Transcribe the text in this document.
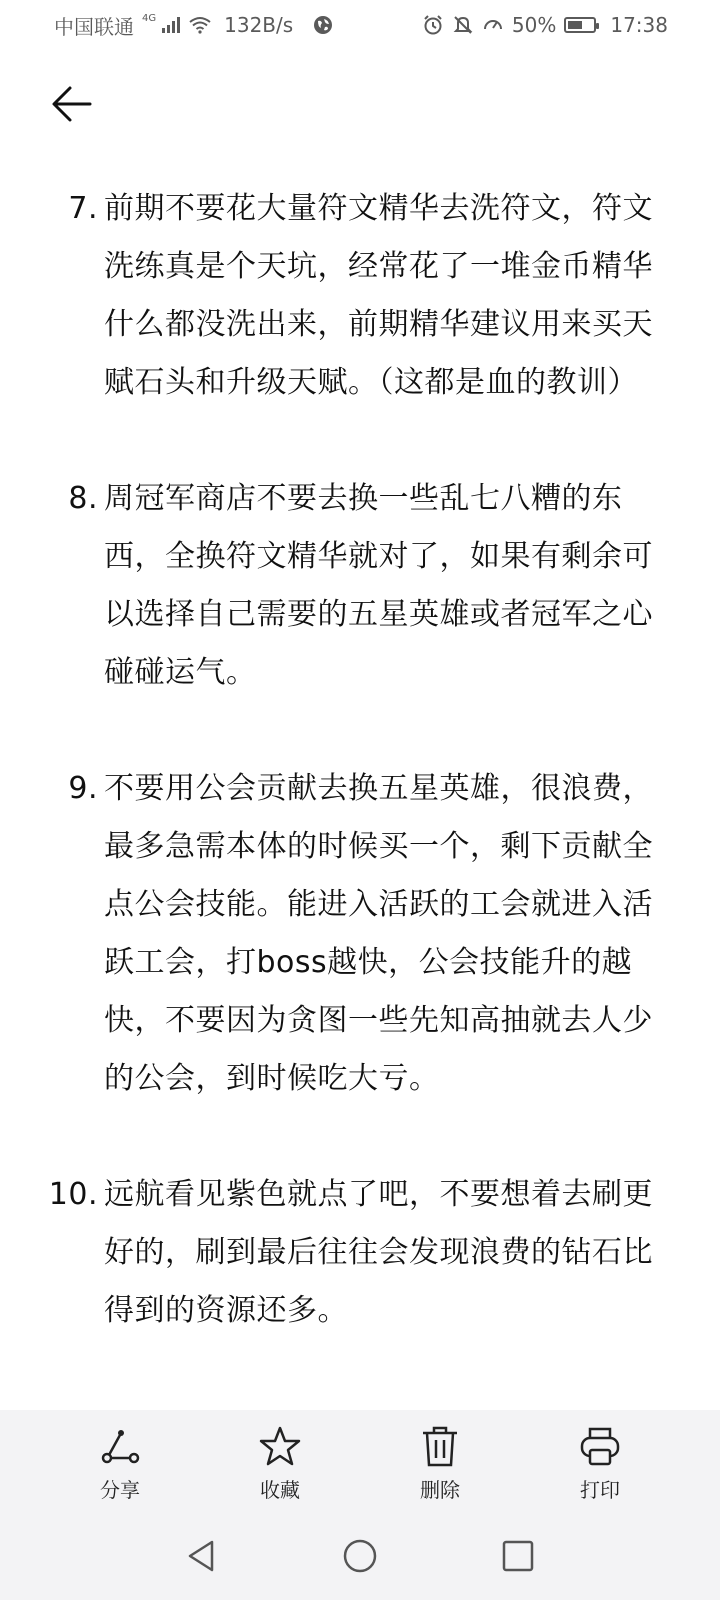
中国联通 4G	132B/s	50%	17:38
7. 前期不要花大量符文精华去洗符文，符文洗练真是个天坑，经常花了一堆金币精华什么都没洗出来，前期精华建议用来买天赋石头和升级天赋。（这都是血的教训）
8. 周冠军商店不要去换一些乱七八糟的东西，全换符文精华就对了，如果有剩余可以选择自己需要的五星英雄或者冠军之心碰碰运气。
9. 不要用公会贡献去换五星英雄，很浪费，最多急需本体的时候买一个，剩下贡献全点公会技能。能进入活跃的工会就进入活跃工会，打boss越快，公会技能升的越快，不要因为贪图一些先知高抽就去人少的公会，到时候吃大亏。
10. 远航看见紫色就点了吧，不要想着去刷更好的，刷到最后往往会发现浪费的钻石比得到的资源还多。
分享	收藏	删除	打印
